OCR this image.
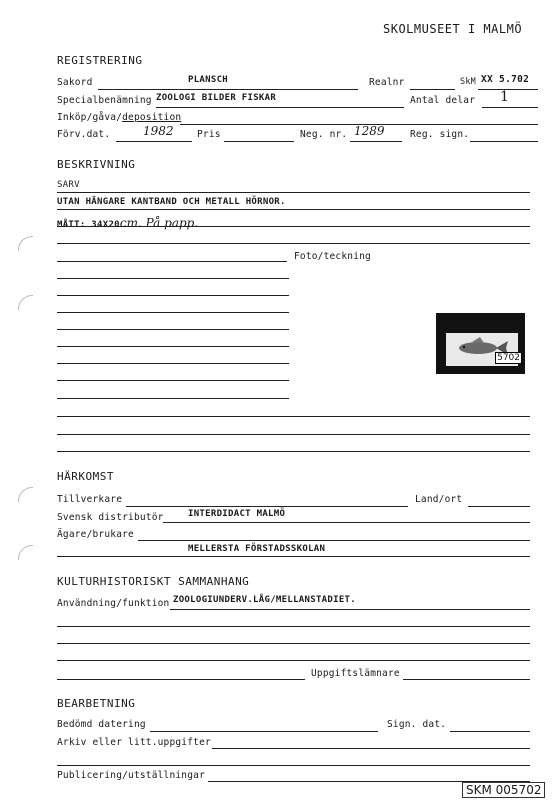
SKOLMUSEET I MALMÖ
REGISTRERING
Sakord	PLANSCH	Realnr	SkM XX 5.702
Specialbenämning ZOOLOGI BILDER FISKAR	Antal delar 1
Inköp/gåva/deposition
Förv.dat.	1982 Pris	Neg. nr. 1289	Reg. sign.
BESKRIVNING
SARV
UTAN HÄNGARE KANTBAND OCH METALL HÖRNOR.
MÅTT: 34X20cm. På papp.
Foto/teckning
5702
HÄRKOMST
Tillverkare	Land/ort
Svensk distributör	INTERDIDACT MALMÖ
Ägare/brukare
MELLERSTA FÖRSTADSSKOLAN
KULTURHISTORISKT SAMMANHANG
Användning/funktion ZOOLOGIUNDERV.LÅG/MELLANSTADIET.
Uppgiftslämnare
BEARBETNING
Bedömd datering	Sign. dat.
Arkiv eller litt.uppgifter
Publicering/utställningar
SKM 005702
